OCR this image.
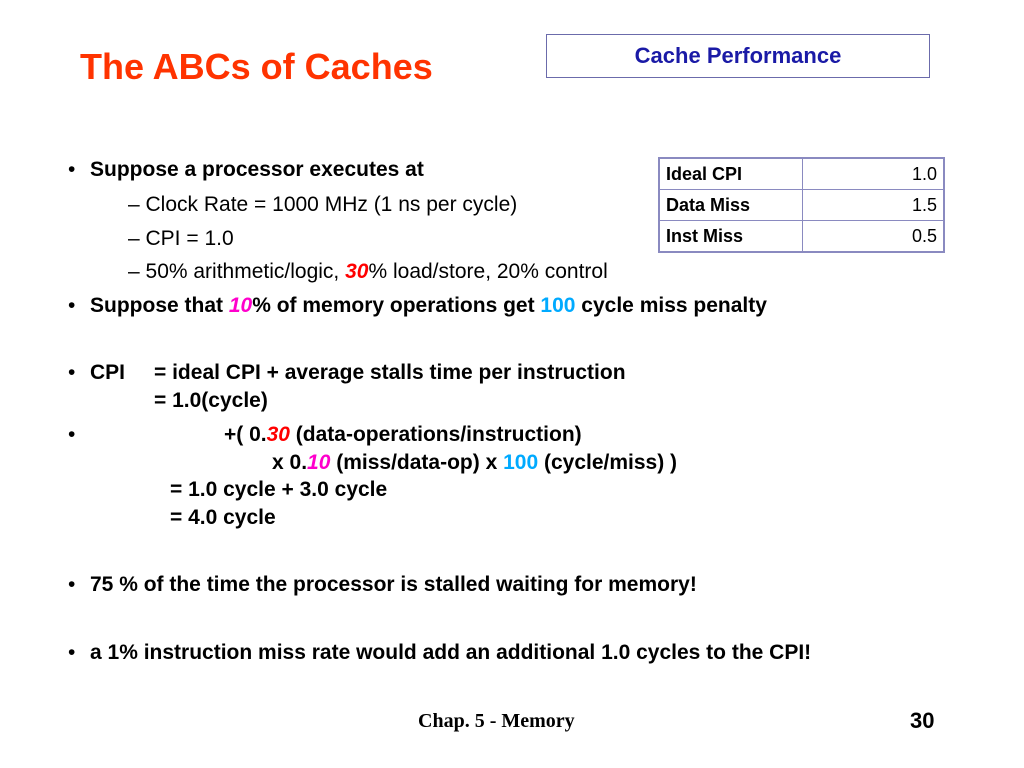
The ABCs of Caches	Cache Performance
Ideal CPI	1.0
Data Miss	1.5
Inst Miss	0.5
• Suppose a processor executes at
– Clock Rate = 1000 MHz (1 ns per cycle)
– CPI = 1.0
– 50% arithmetic/logic, 30% load/store, 20% control
• Suppose that 10% of memory operations get 100 cycle miss penalty
• CPI = ideal CPI + average stalls time per instruction
= 1.0(cycle)
•	+( 0.30 (data-operations/instruction)
x 0.10 (miss/data-op) x 100 (cycle/miss) )
= 1.0 cycle + 3.0 cycle
= 4.0 cycle
• 75 % of the time the processor is stalled waiting for memory!
• a 1% instruction miss rate would add an additional 1.0 cycles to the CPI!
Chap. 5 - Memory	30
